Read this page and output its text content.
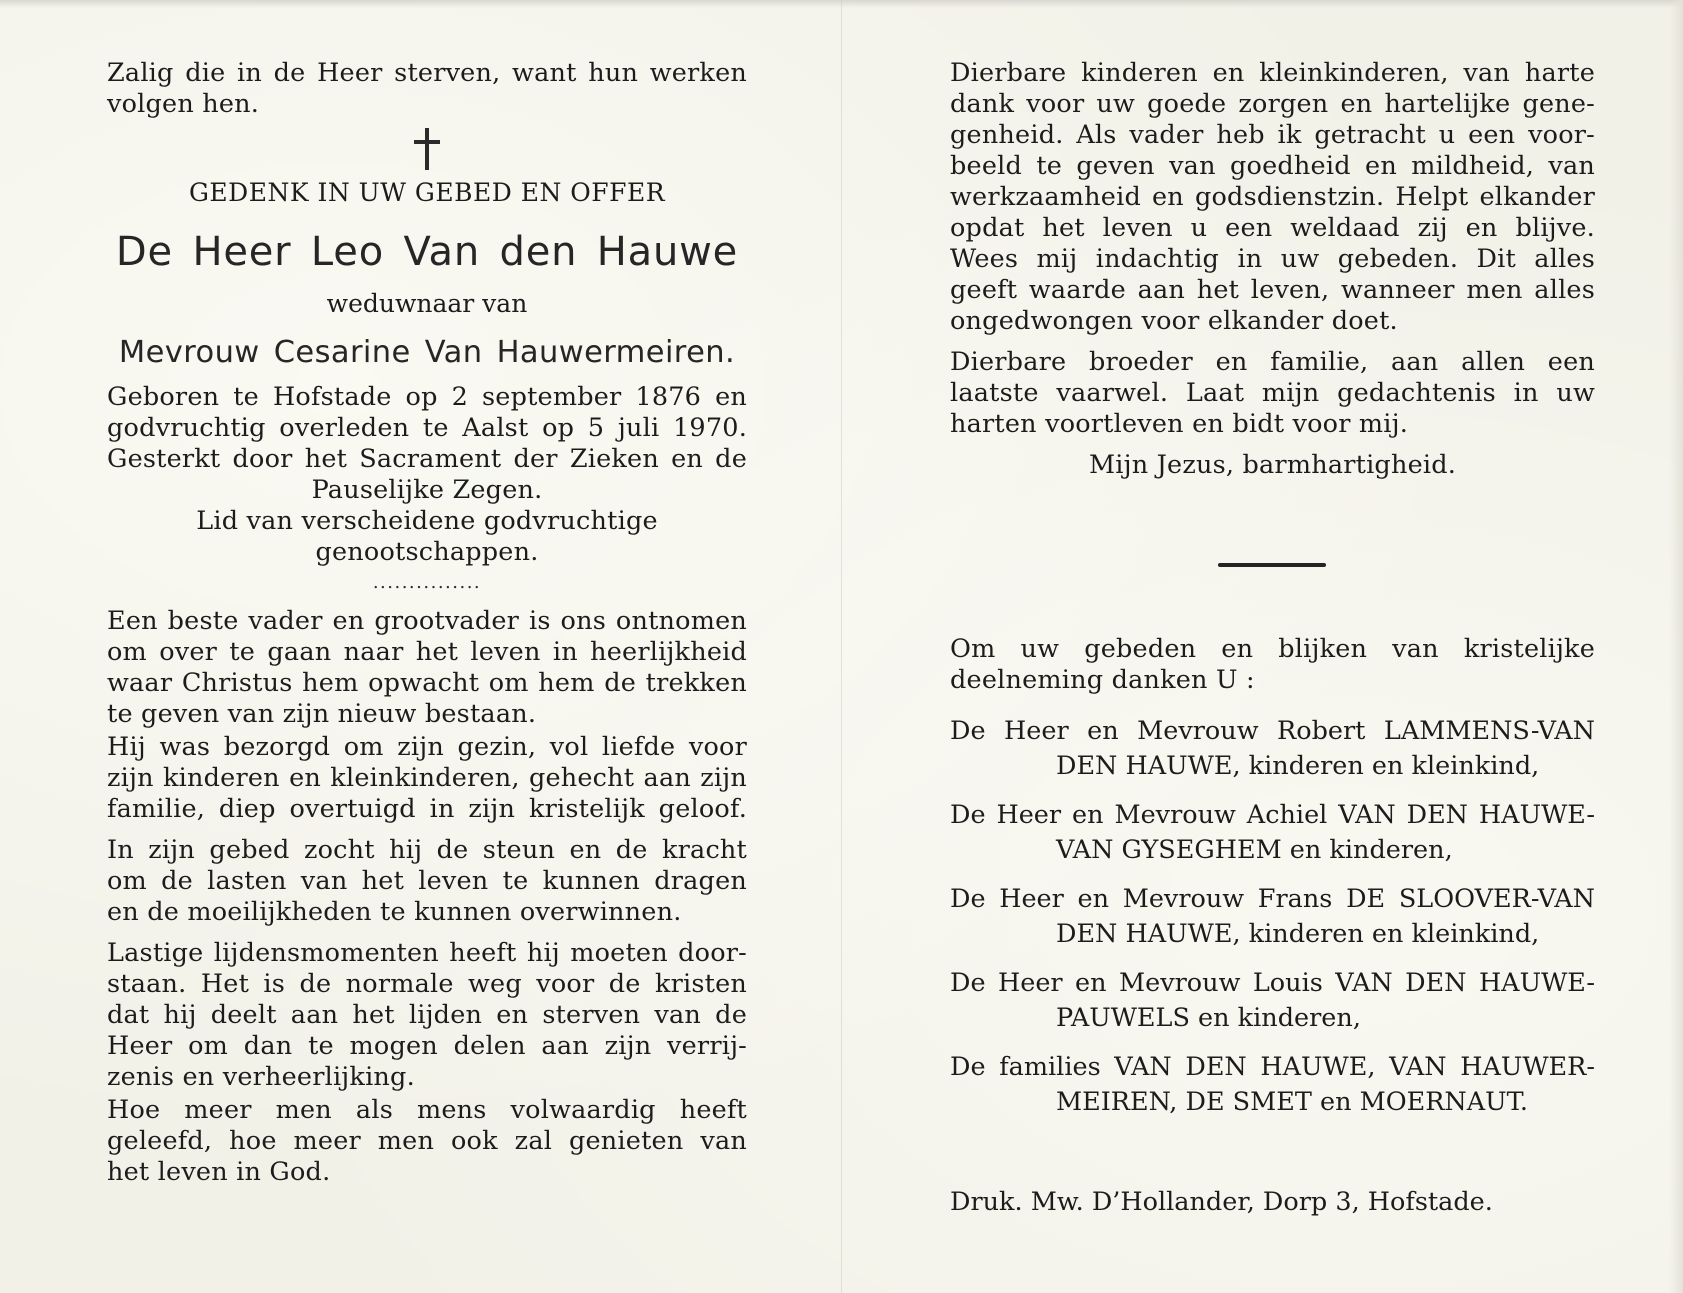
Zalig die in de Heer sterven, want hun werken

volgen hen.

GEDENK IN UW GEBED EN OFFER
De Heer Leo Van den Hauwe
weduwnaar van
Mevrouw Cesarine Van Hauwermeiren.

Geboren te Hofstade op 2 september 1876 en

godvruchtig overleden te Aalst op 5 juli 1970.

Gesterkt door het Sacrament der Zieken en de

Pauselijke Zegen.

Lid van verscheidene godvruchtige

genootschappen.

...............

Een beste vader en grootvader is ons ontnomen

om over te gaan naar het leven in heerlijkheid

waar Christus hem opwacht om hem de trekken

te geven van zijn nieuw bestaan.

Hij was bezorgd om zijn gezin, vol liefde voor

zijn kinderen en kleinkinderen, gehecht aan zijn

familie, diep overtuigd in zijn kristelijk geloof.

In zijn gebed zocht hij de steun en de kracht

om de lasten van het leven te kunnen dragen

en de moeilijkheden te kunnen overwinnen.

Lastige lijdensmomenten heeft hij moeten door-

staan. Het is de normale weg voor de kristen

dat hij deelt aan het lijden en sterven van de

Heer om dan te mogen delen aan zijn verrij-

zenis en verheerlijking.

Hoe meer men als mens volwaardig heeft

geleefd, hoe meer men ook zal genieten van

het leven in God.

Dierbare kinderen en kleinkinderen, van harte

dank voor uw goede zorgen en hartelijke gene-

genheid. Als vader heb ik getracht u een voor-

beeld te geven van goedheid en mildheid, van

werkzaamheid en godsdienstzin. Helpt elkander

opdat het leven u een weldaad zij en blijve.

Wees mij indachtig in uw gebeden. Dit alles

geeft waarde aan het leven, wanneer men alles

ongedwongen voor elkander doet.

Dierbare broeder en familie, aan allen een

laatste vaarwel. Laat mijn gedachtenis in uw

harten voortleven en bidt voor mij.

Mijn Jezus, barmhartigheid.

Om uw gebeden en blijken van kristelijke

deelneming danken U :

De Heer en Mevrouw Robert LAMMENS-VAN
DEN HAUWE, kinderen en kleinkind,
De Heer en Mevrouw Achiel VAN DEN HAUWE-
VAN GYSEGHEM en kinderen,
De Heer en Mevrouw Frans DE SLOOVER-VAN
DEN HAUWE, kinderen en kleinkind,
De Heer en Mevrouw Louis VAN DEN HAUWE-
PAUWELS en kinderen,
De families VAN DEN HAUWE, VAN HAUWER-
MEIREN, DE SMET en MOERNAUT.
Druk. Mw. D’Hollander, Dorp 3, Hofstade.
